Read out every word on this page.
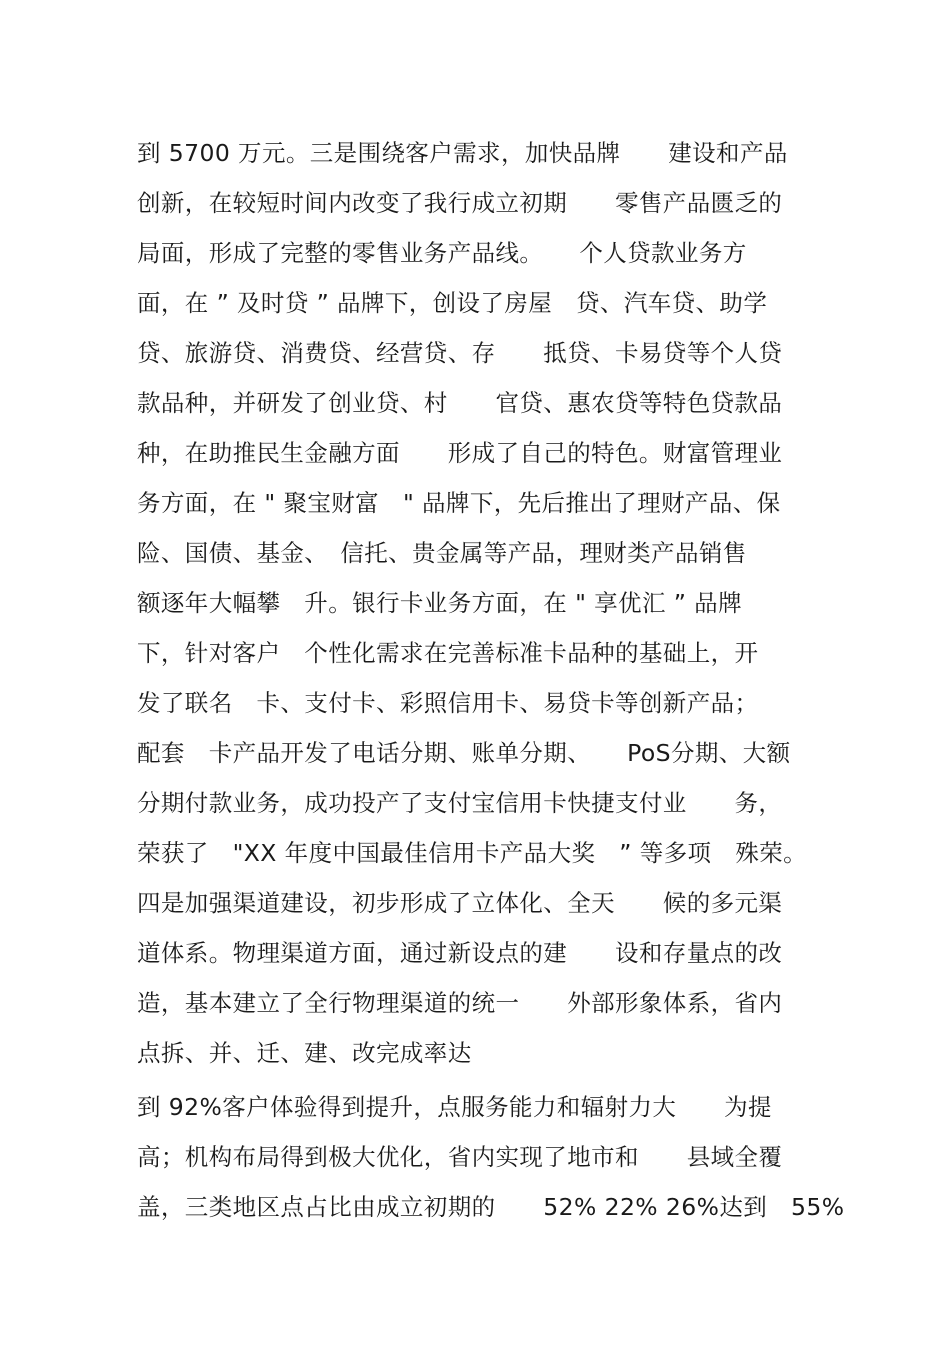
到 5700 万元。三是围绕客户需求，加快品牌　　建设和产品
创新，在较短时间内改变了我行成立初期　　零售产品匮乏的
局面，形成了完整的零售业务产品线。　　个人贷款业务方
面，在 ” 及时贷 ” 品牌下，创设了房屋　贷、汽车贷、助学
贷、旅游贷、消费贷、经营贷、存　　抵贷、卡易贷等个人贷
款品种，并研发了创业贷、村　　官贷、惠农贷等特色贷款品
种，在助推民生金融方面　　形成了自己的特色。财富管理业
务方面，在 " 聚宝财富　" 品牌下，先后推出了理财产品、保
险、国债、基金、　信托、贵金属等产品，理财类产品销售
额逐年大幅攀　升。银行卡业务方面，在 " 享优汇 ” 品牌
下，针对客户　个性化需求在完善标准卡品种的基础上，开
发了联名　卡、支付卡、彩照信用卡、易贷卡等创新产品；
配套　卡产品开发了电话分期、账单分期、　　PoS分期、大额
分期付款业务，成功投产了支付宝信用卡快捷支付业　　务，
荣获了　"XX 年度中国最佳信用卡产品大奖　” 等多项　殊荣。
四是加强渠道建设，初步形成了立体化、全天　　候的多元渠
道体系。物理渠道方面，通过新设点的建　　设和存量点的改
造，基本建立了全行物理渠道的统一　　外部形象体系，省内
点拆、并、迁、建、改完成率达
到 92%客户体验得到提升，点服务能力和辐射力大　　为提
高；机构布局得到极大优化，省内实现了地市和　　县域全覆
盖，三类地区点占比由成立初期的　　52% 22% 26%达到　55%
